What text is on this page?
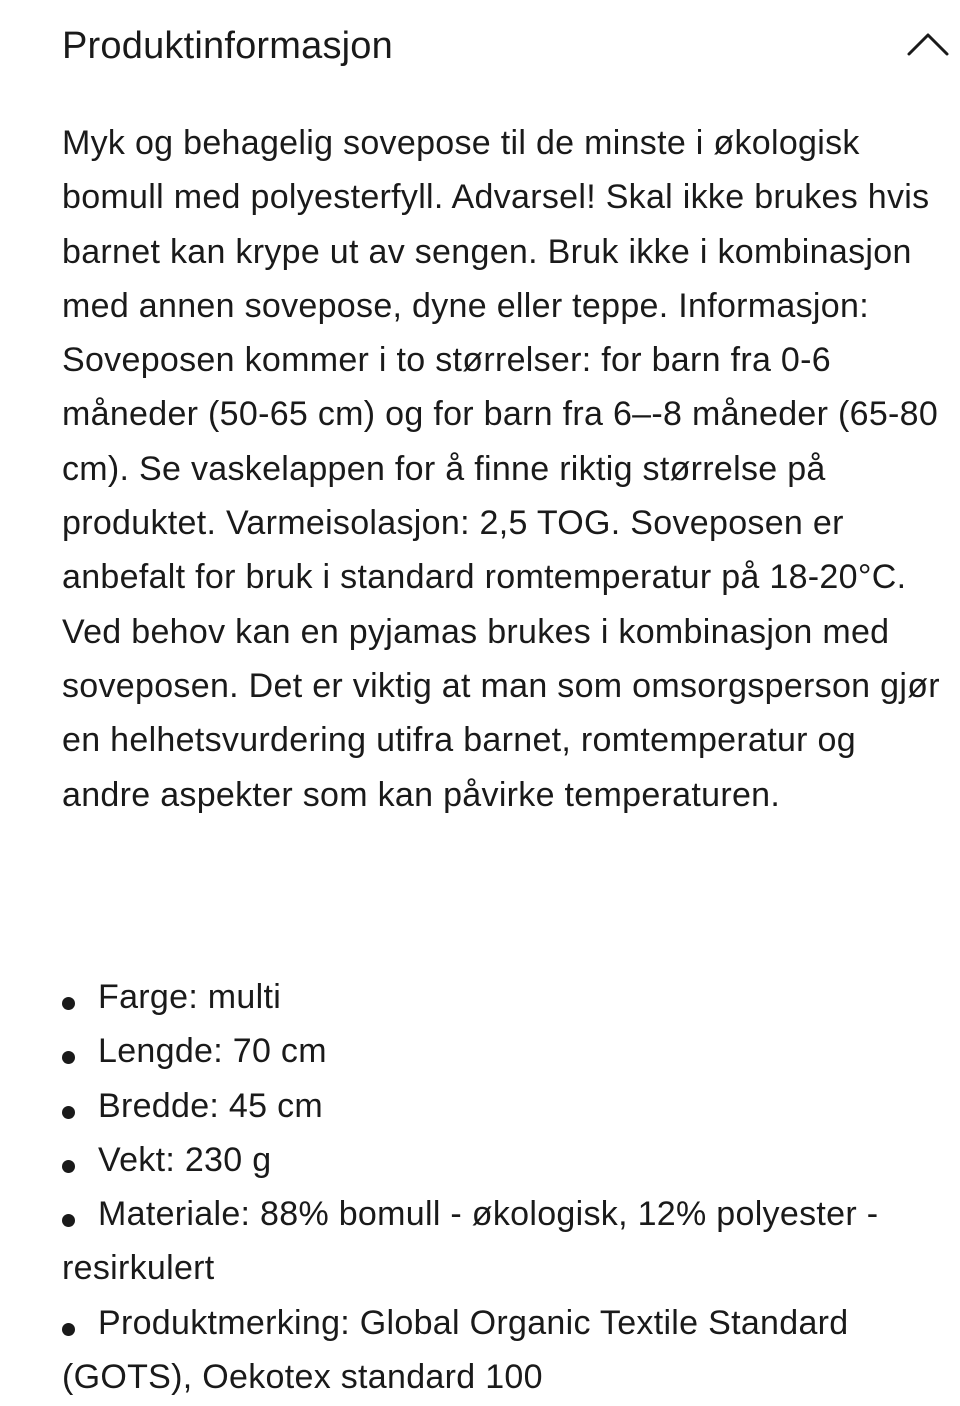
Produktinformasjon

Myk og behagelig sovepose til de minste i økologisk bomull med polyesterfyll. Advarsel! Skal ikke brukes hvis barnet kan krype ut av sengen. Bruk ikke i kombinasjon med annen sovepose, dyne eller teppe. Informasjon: Soveposen kommer i to størrelser: for barn fra 0-6 måneder (50-65 cm) og for barn fra 6–-8 måneder (65-80 cm). Se vaskelappen for å finne riktig størrelse på produktet. Varmeisolasjon: 2,5 TOG. Soveposen er anbefalt for bruk i standard romtemperatur på 18-20°C. Ved behov kan en pyjamas brukes i kombinasjon med soveposen. Det er viktig at man som omsorgsperson gjør en helhetsvurdering utifra barnet, romtemperatur og andre aspekter som kan påvirke temperaturen.

Farge: multi
Lengde: 70 cm
Bredde: 45 cm
Vekt: 230 g
Materiale: 88% bomull - økologisk, 12% polyester - resirkulert
Produktmerking: Global Organic Textile Standard (GOTS), Oekotex standard 100
